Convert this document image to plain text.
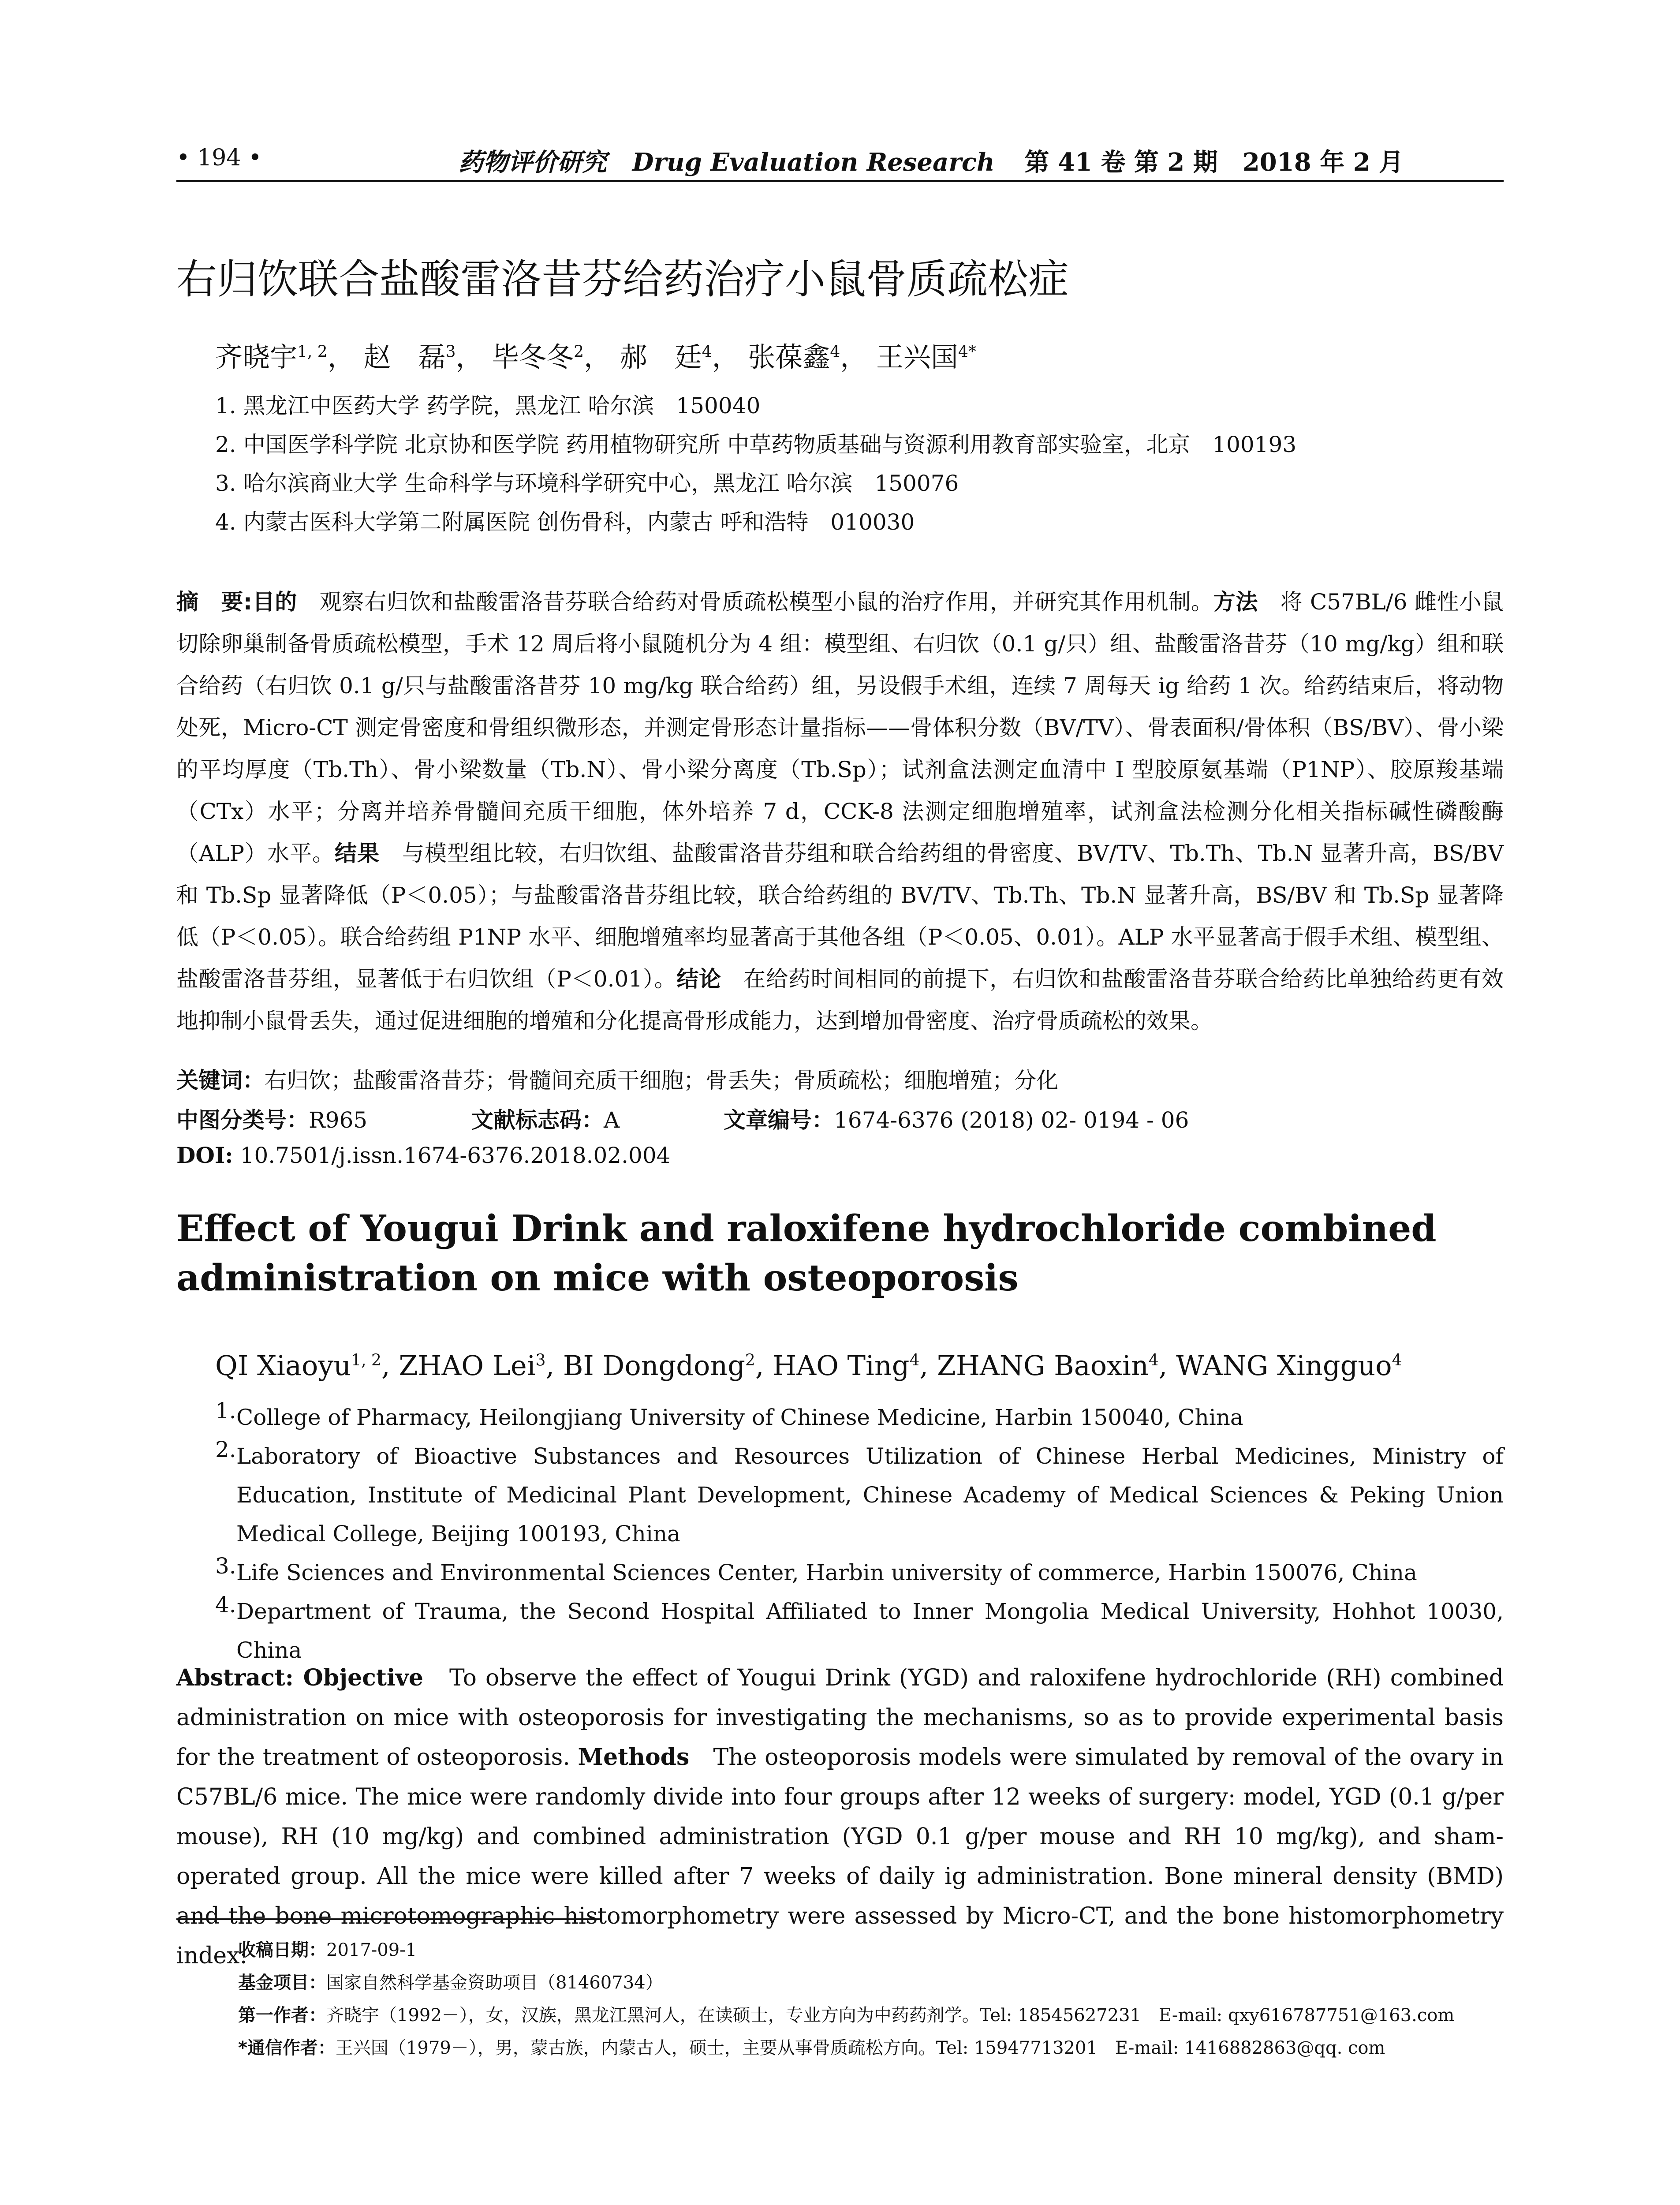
• 194 •	药物评价研究 Drug Evaluation Research 第 41 卷 第 2 期　2018 年 2 月
右归饮联合盐酸雷洛昔芬给药治疗小鼠骨质疏松症
齐晓宇$^{1, 2}$， 赵　磊$^3$， 毕冬冬$^2$， 郝　廷$^4$， 张葆鑫$^4$， 王兴国$^{4*}$
1. 黑龙江中医药大学 药学院，黑龙江 哈尔滨　150040
2. 中国医学科学院 北京协和医学院 药用植物研究所 中草药物质基础与资源利用教育部实验室，北京　100193
3. 哈尔滨商业大学 生命科学与环境科学研究中心，黑龙江 哈尔滨　150076
4. 内蒙古医科大学第二附属医院 创伤骨科，内蒙古 呼和浩特　010030
摘　要:目的　观察右归饮和盐酸雷洛昔芬联合给药对骨质疏松模型小鼠的治疗作用，并研究其作用机制。方法　将 C57BL/6 雌性小鼠切除卵巢制备骨质疏松模型，手术 12 周后将小鼠随机分为 4 组：模型组、右归饮（0.1 g/只）组、盐酸雷洛昔芬（10 mg/kg）组和联合给药（右归饮 0.1 g/只与盐酸雷洛昔芬 10 mg/kg 联合给药）组，另设假手术组，连续 7 周每天 ig 给药 1 次。给药结束后，将动物处死，Micro-CT 测定骨密度和骨组织微形态，并测定骨形态计量指标——骨体积分数（BV/TV）、骨表面积/骨体积（BS/BV）、骨小梁的平均厚度（Tb.Th）、骨小梁数量（Tb.N）、骨小梁分离度（Tb.Sp）；试剂盒法测定血清中 I 型胶原氨基端（P1NP）、胶原羧基端（CTx）水平；分离并培养骨髓间充质干细胞，体外培养 7 d，CCK-8 法测定细胞增殖率，试剂盒法检测分化相关指标碱性磷酸酶（ALP）水平。结果　与模型组比较，右归饮组、盐酸雷洛昔芬组和联合给药组的骨密度、BV/TV、Tb.Th、Tb.N 显著升高，BS/BV 和 Tb.Sp 显著降低（P＜0.05）；与盐酸雷洛昔芬组比较，联合给药组的 BV/TV、Tb.Th、Tb.N 显著升高，BS/BV 和 Tb.Sp 显著降低（P＜0.05）。联合给药组 P1NP 水平、细胞增殖率均显著高于其他各组（P＜0.05、0.01）。ALP 水平显著高于假手术组、模型组、盐酸雷洛昔芬组，显著低于右归饮组（P＜0.01）。结论　在给药时间相同的前提下，右归饮和盐酸雷洛昔芬联合给药比单独给药更有效地抑制小鼠骨丢失，通过促进细胞的增殖和分化提高骨形成能力，达到增加骨密度、治疗骨质疏松的效果。
关键词：右归饮；盐酸雷洛昔芬；骨髓间充质干细胞；骨丢失；骨质疏松；细胞增殖；分化
中图分类号：R965	文献标志码：A	文章编号：1674-6376 (2018) 02- 0194 - 06
DOI: 10.7501/j.issn.1674-6376.2018.02.004
Effect of Yougui Drink and raloxifene hydrochloride combined administration on mice with osteoporosis
QI Xiaoyu$^{1, 2}$, ZHAO Lei$^3$, BI Dongdong$^2$, HAO Ting$^4$, ZHANG Baoxin$^4$, WANG Xingguo$^4$
1. College of Pharmacy, Heilongjiang University of Chinese Medicine, Harbin 150040, China
2. Laboratory of Bioactive Substances and Resources Utilization of Chinese Herbal Medicines, Ministry of Education, Institute of Medicinal Plant Development, Chinese Academy of Medical Sciences & Peking Union Medical College, Beijing 100193, China
3. Life Sciences and Environmental Sciences Center, Harbin university of commerce, Harbin 150076, China
4. Department of Trauma, the Second Hospital Affiliated to Inner Mongolia Medical University, Hohhot 10030, China
Abstract: Objective　To observe the effect of Yougui Drink (YGD) and raloxifene hydrochloride (RH) combined administration on mice with osteoporosis for investigating the mechanisms, so as to provide experimental basis for the treatment of osteoporosis. Methods　The osteoporosis models were simulated by removal of the ovary in C57BL/6 mice. The mice were randomly divide into four groups after 12 weeks of surgery: model, YGD (0.1 g/per mouse), RH (10 mg/kg) and combined administration (YGD 0.1 g/per mouse and RH 10 mg/kg), and sham-operated group. All the mice were killed after 7 weeks of daily ig administration. Bone mineral density (BMD) and the bone microtomographic histomorphometry were assessed by Micro-CT, and the bone histomorphometry index:
收稿日期：2017-09-1
基金项目：国家自然科学基金资助项目（81460734）
第一作者：齐晓宇（1992－），女，汉族，黑龙江黑河人，在读硕士，专业方向为中药药剂学。Tel: 18545627231　E-mail: qxy616787751@163.com
*通信作者：王兴国（1979－），男，蒙古族，内蒙古人，硕士，主要从事骨质疏松方向。Tel: 15947713201　E-mail: 1416882863@qq. com
